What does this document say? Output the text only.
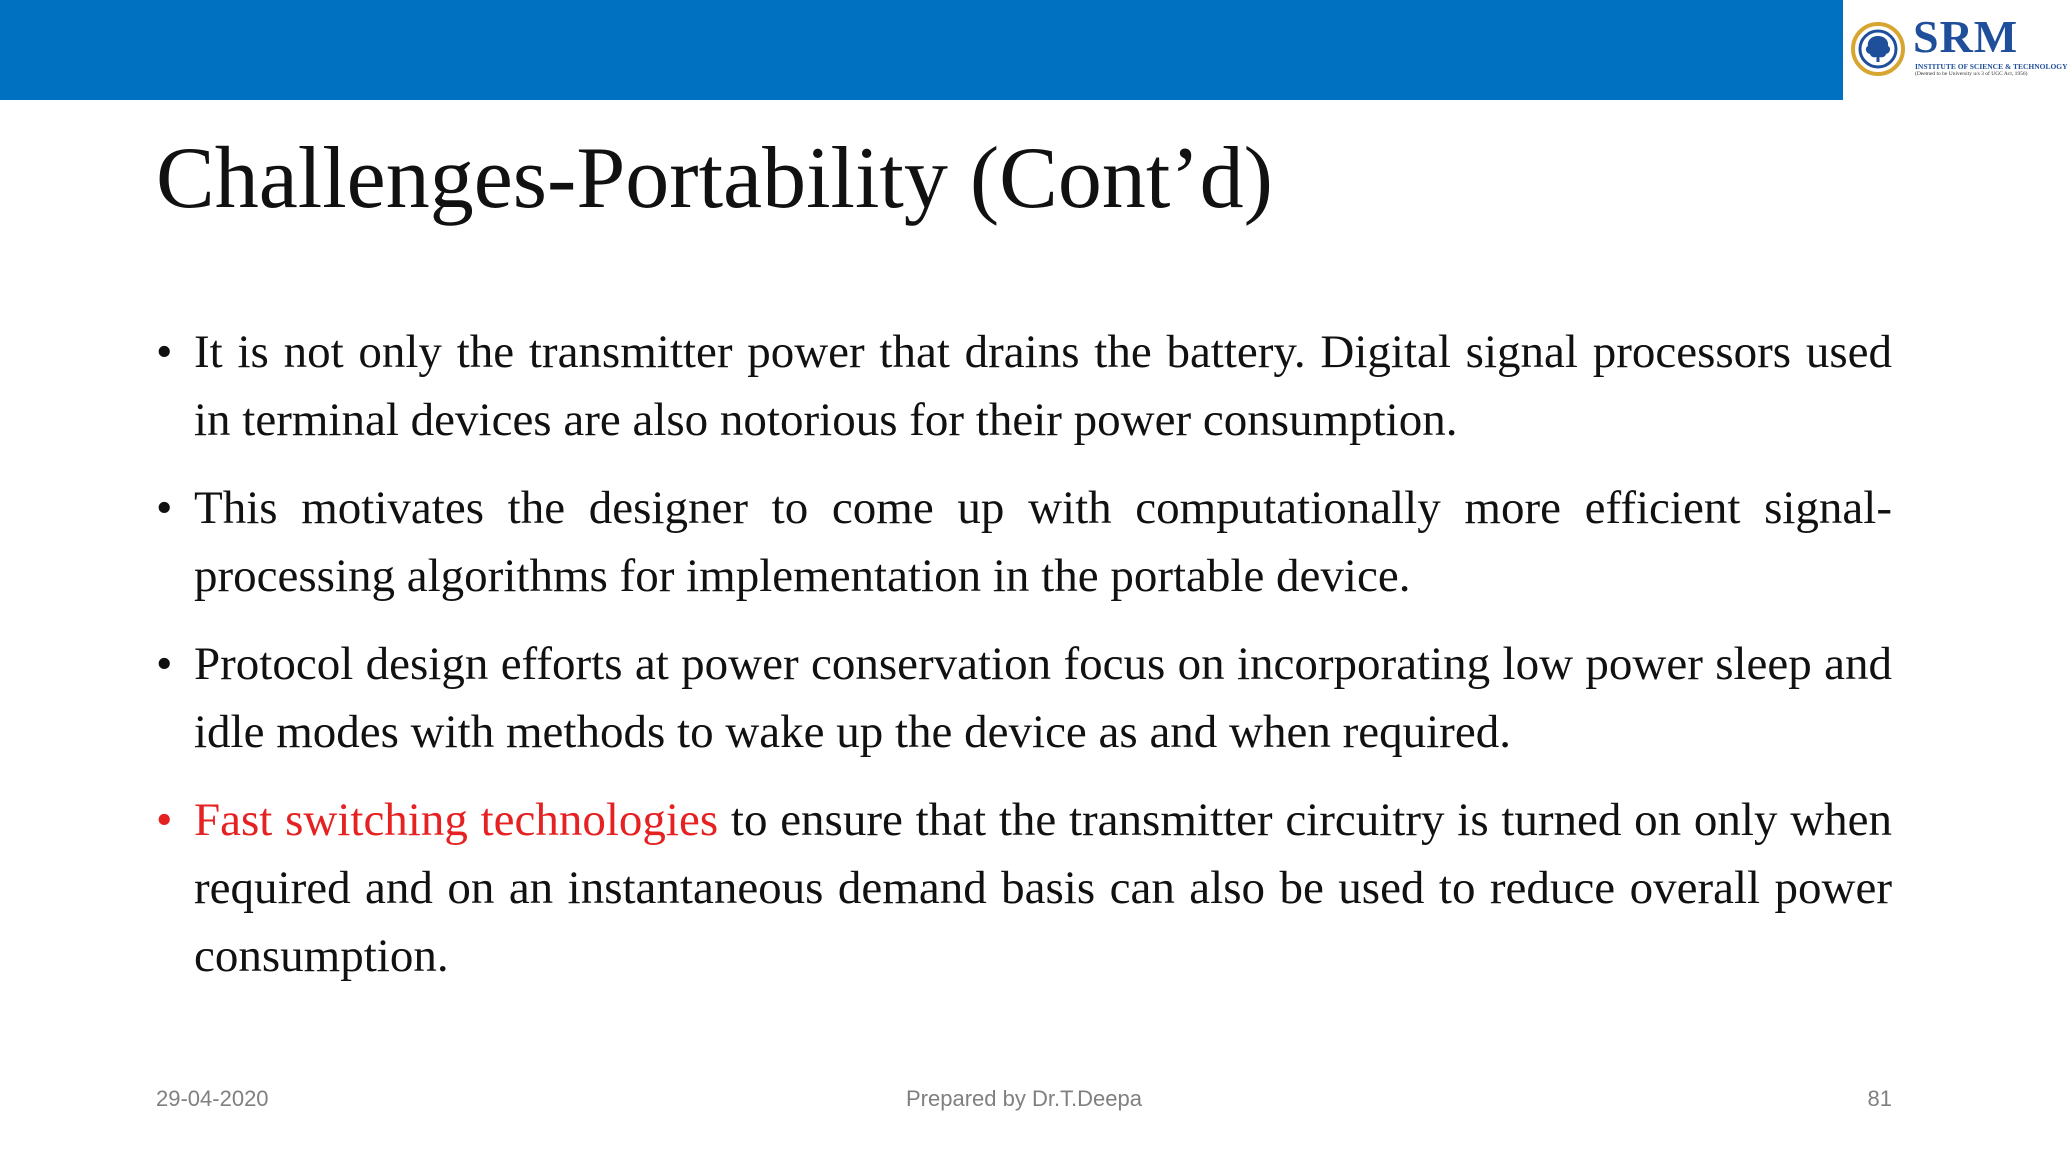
SRM
INSTITUTE OF SCIENCE & TECHNOLOGY
(Deemed to be University u/s 3 of UGC Act, 1956)
Challenges-Portability (Cont’d)
• It is not only the transmitter power that drains the battery. Digital signal processors used in terminal devices are also notorious for their power consumption.
• This motivates the designer to come up with computationally more efficient signal-processing algorithms for implementation in the portable device.
• Protocol design efforts at power conservation focus on incorporating low power sleep and idle modes with methods to wake up the device as and when required.
• Fast switching technologies to ensure that the transmitter circuitry is turned on only when required and on an instantaneous demand basis can also be used to reduce overall power consumption.
29-04-2020	Prepared by Dr.T.Deepa	81
